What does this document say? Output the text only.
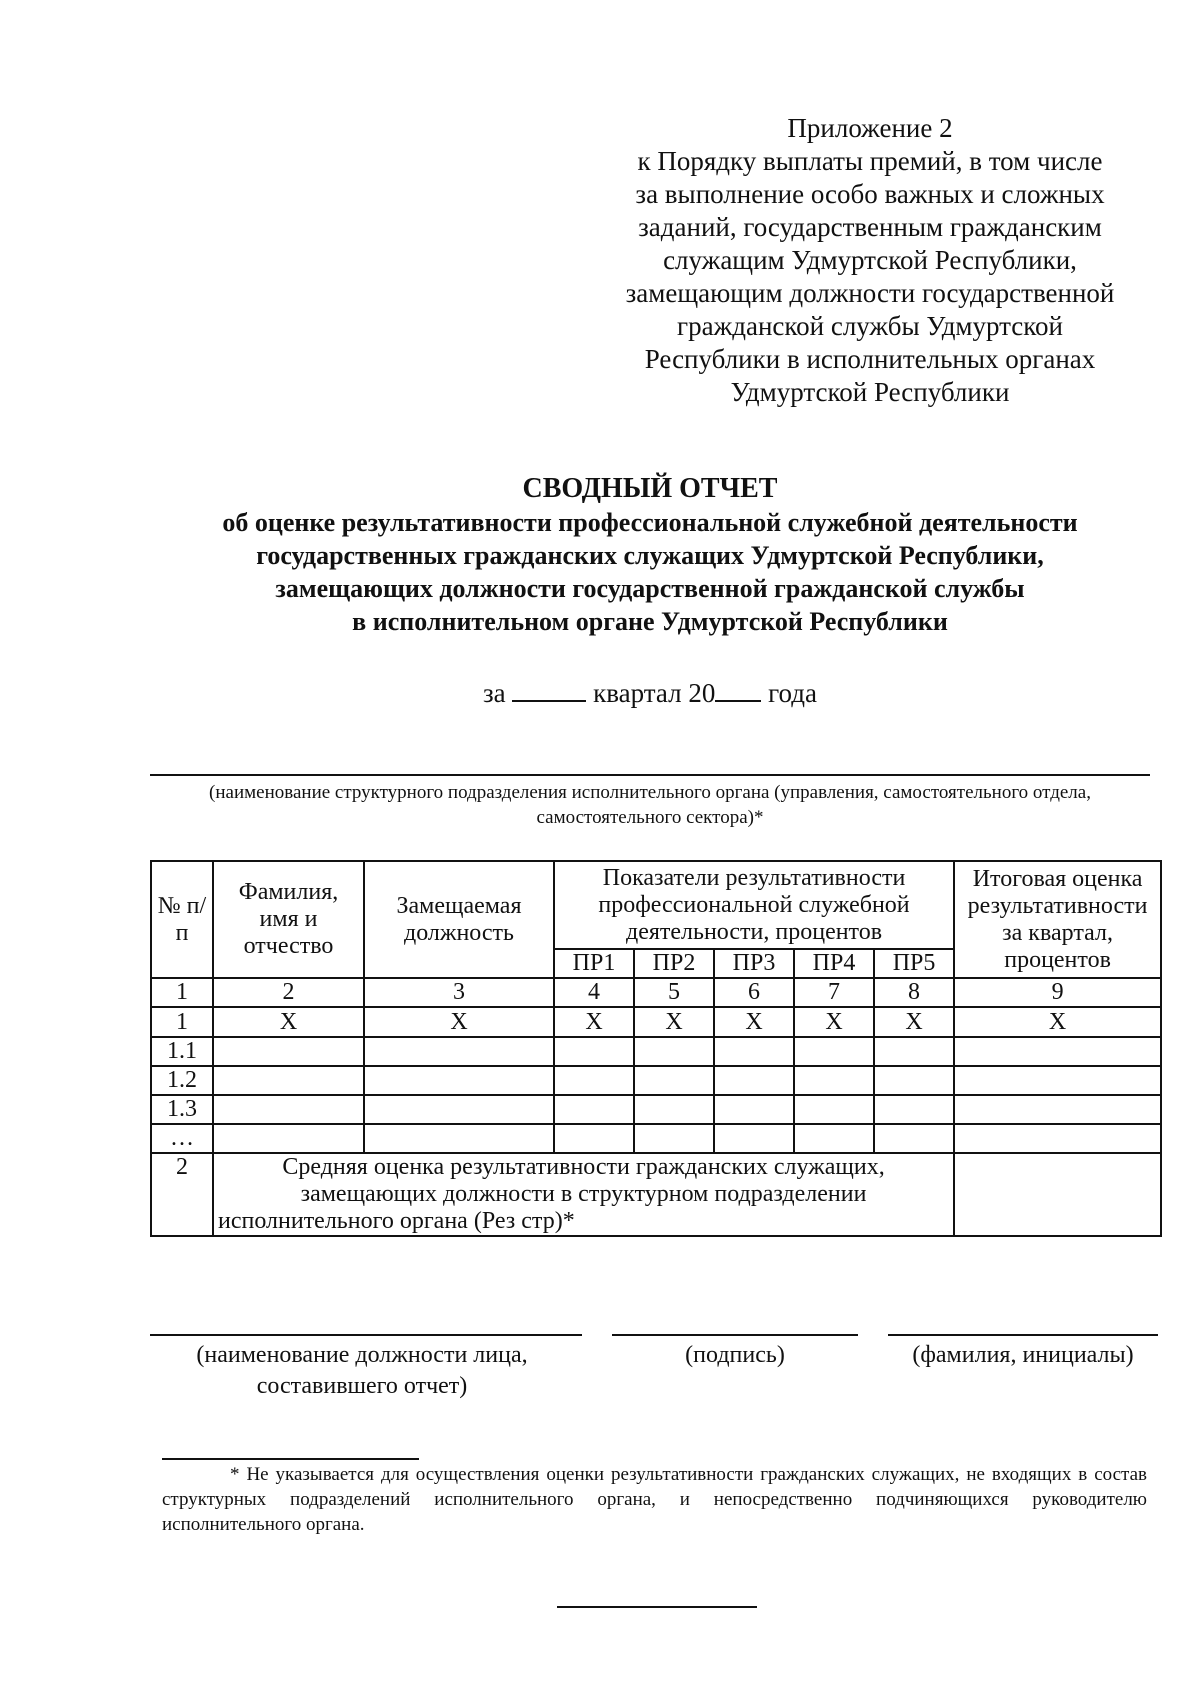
Приложение 2
к Порядку выплаты премий, в том числе
за выполнение особо важных и сложных
заданий, государственным гражданским
служащим Удмуртской Республики,
замещающим должности государственной
гражданской службы Удмуртской
Республики в исполнительных органах
Удмуртской Республики
СВОДНЫЙ ОТЧЕТ
об оценке результативности профессиональной служебной деятельности
государственных гражданских служащих Удмуртской Республики,
замещающих должности государственной гражданской службы
в исполнительном органе Удмуртской Республики
за	квартал 20 года
(наименование структурного подразделения исполнительного органа (управления, самостоятельного отдела, самостоятельного сектора)*
№ п/п	Фамилия, имя и отчество	Замещаемая должность	Показатели результативности профессиональной служебной деятельности, процентов					Итоговая оценка результативности за квартал, процентов
			ПР1	ПР2	ПР3	ПР4	ПР5	
1	2	3	4	5	6	7	8	9
1	Х	Х	Х	Х	Х	Х	Х	Х
1.1								
1.2								
1.3								
…								
2	Средняя оценка результативности гражданских служащих, замещающих должности в структурном подразделении исполнительного органа (Рез стр)*							
(наименование должности лица, составившего отчет)
(подпись)	(фамилия, инициалы)
* Не указывается для осуществления оценки результативности гражданских служащих, не входящих в состав структурных подразделений исполнительного органа, и непосредственно подчиняющихся руководителю исполнительного органа.
